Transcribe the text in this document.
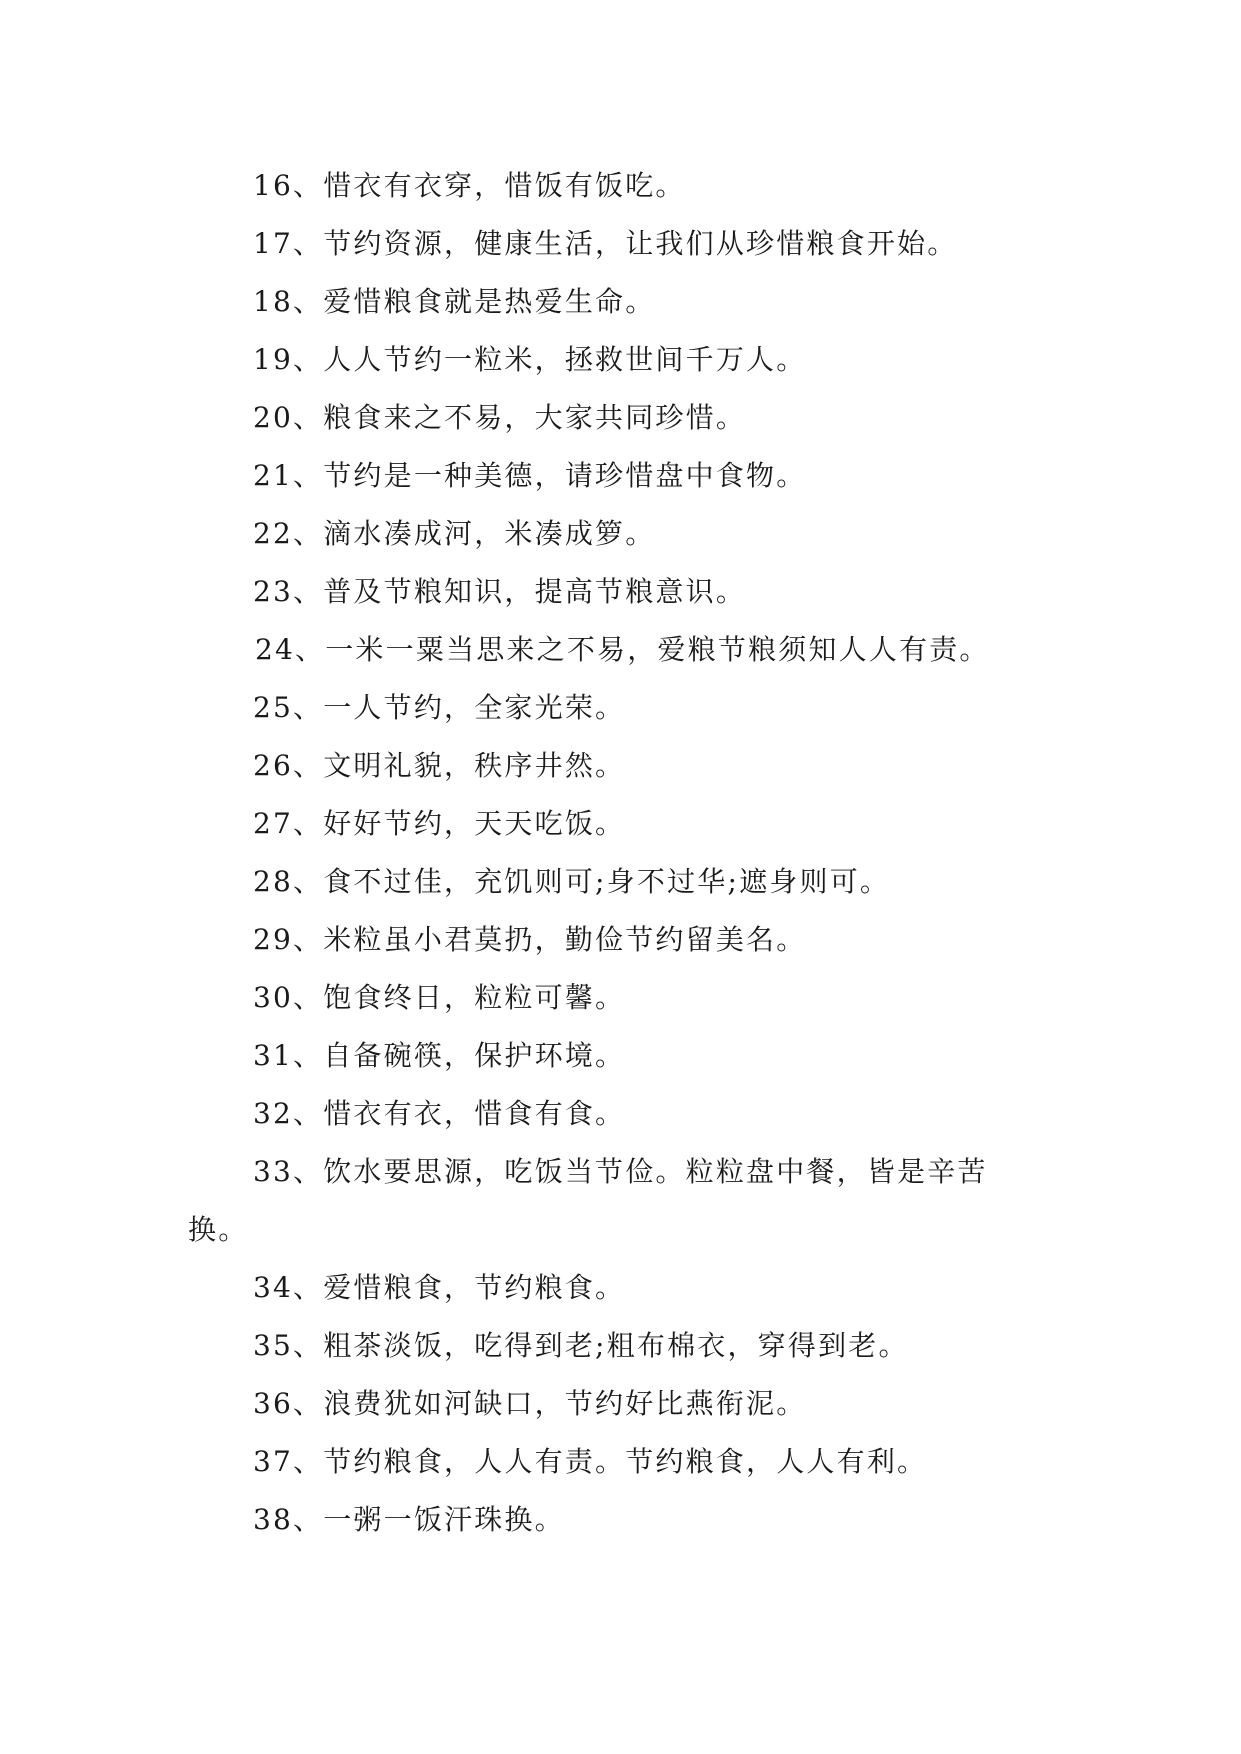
16、惜衣有衣穿，惜饭有饭吃。
17、节约资源，健康生活，让我们从珍惜粮食开始。
18、爱惜粮食就是热爱生命。
19、人人节约一粒米，拯救世间千万人。
20、粮食来之不易，大家共同珍惜。
21、节约是一种美德，请珍惜盘中食物。
22、滴水凑成河，米凑成箩。
23、普及节粮知识，提高节粮意识。
24、一米一粟当思来之不易，爱粮节粮须知人人有责。
25、一人节约，全家光荣。
26、文明礼貌，秩序井然。
27、好好节约，天天吃饭。
28、食不过佳，充饥则可;身不过华;遮身则可。
29、米粒虽小君莫扔，勤俭节约留美名。
30、饱食终日，粒粒可馨。
31、自备碗筷，保护环境。
32、惜衣有衣，惜食有食。
33、饮水要思源，吃饭当节俭。粒粒盘中餐，皆是辛苦
换。
34、爱惜粮食，节约粮食。
35、粗茶淡饭，吃得到老;粗布棉衣，穿得到老。
36、浪费犹如河缺口，节约好比燕衔泥。
37、节约粮食，人人有责。节约粮食，人人有利。
38、一粥一饭汗珠换。
